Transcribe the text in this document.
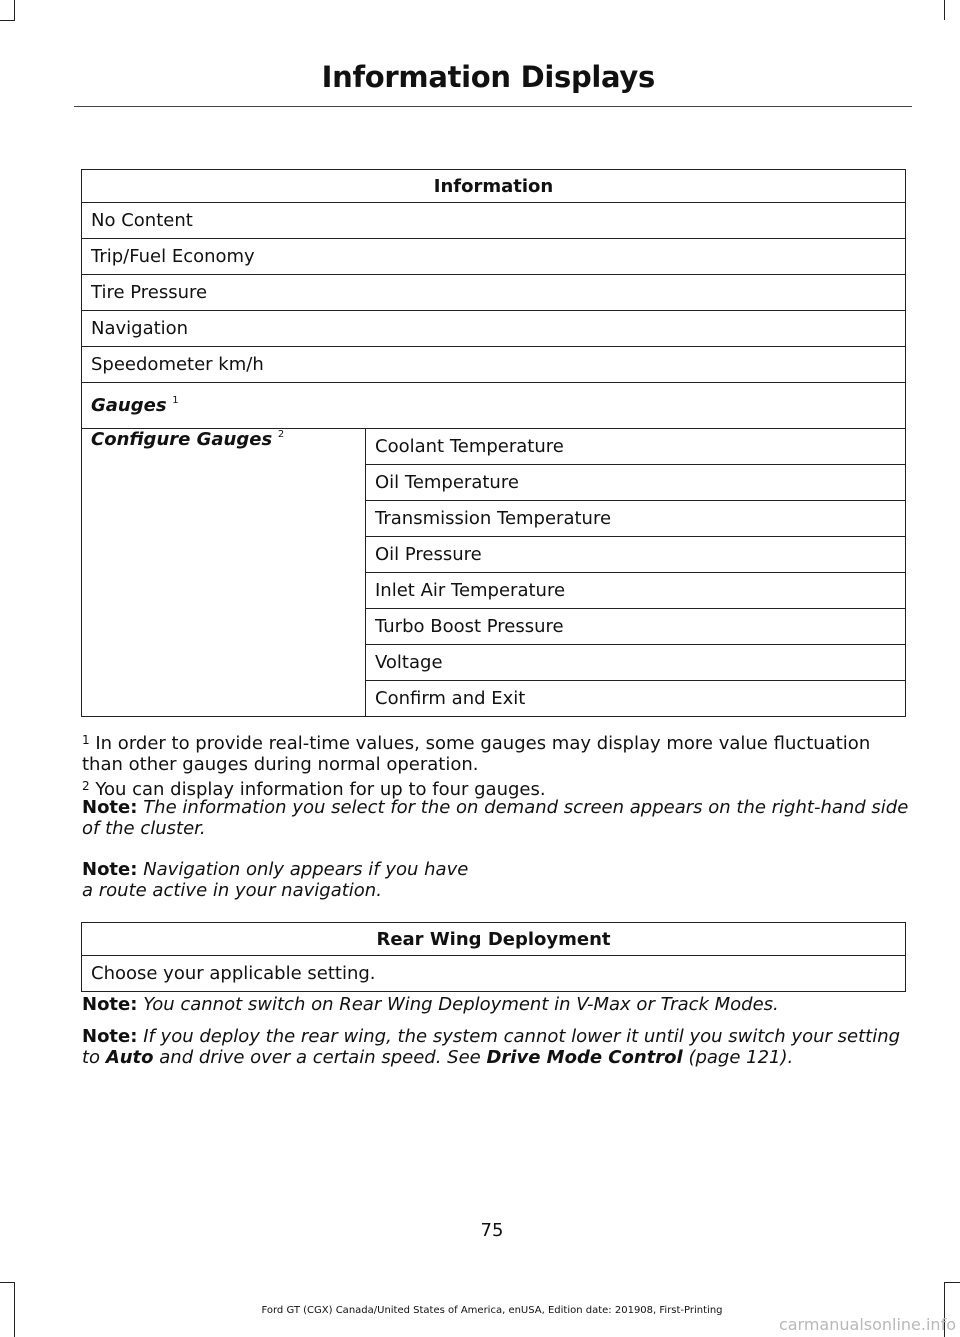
Information Displays
Information
No Content
Trip/Fuel Economy
Tire Pressure
Navigation
Speedometer km/h
Gauges $^1$
Configure Gauges $^2$	Coolant Temperature
Oil Temperature
Transmission Temperature
Oil Pressure
Inlet Air Temperature
Turbo Boost Pressure
Voltage
Confirm and Exit
$^1$ In order to provide real-time values, some gauges may display more value fluctuation than other gauges during normal operation.
$^2$ You can display information for up to four gauges.
Note: The information you select for the on demand screen appears on the right-hand side of the cluster.
Note: Navigation only appears if you have
a route active in your navigation.
Rear Wing Deployment
Choose your applicable setting.
Note: You cannot switch on Rear Wing Deployment in V-Max or Track Modes.
Note: If you deploy the rear wing, the system cannot lower it until you switch your setting to Auto and drive over a certain speed. See Drive Mode Control (page 121).
75
Ford GT (CGX) Canada/United States of America, enUSA, Edition date: 201908, First-Printing
carmanualsonline.info
